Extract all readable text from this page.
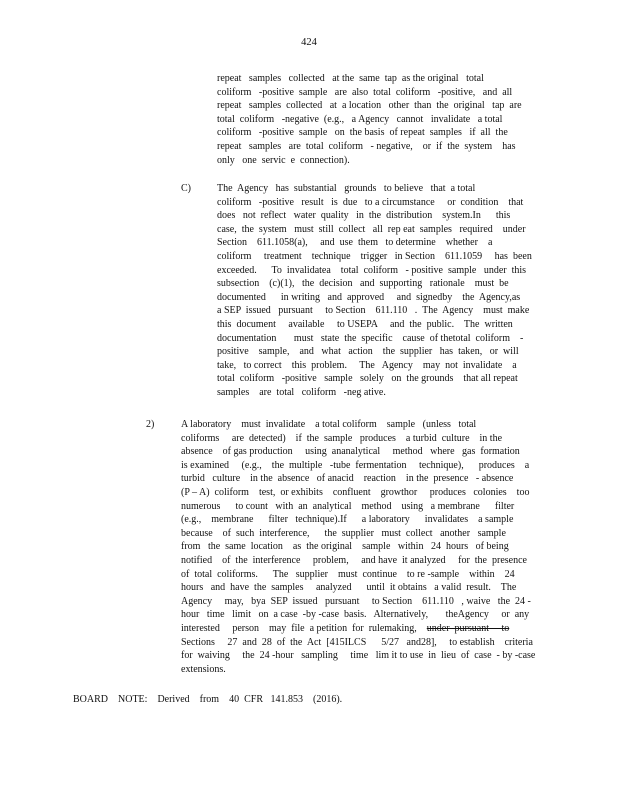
424
repeat   samples   collected   at the  same  tap  as the original   total
coliform   -positive  sample   are  also  total  coliform   -positive,   and  all
repeat   samples  collected   at  a location   other  than  the  original   tap  are
total  coliform   -negative  (e.g.,   a Agency   cannot   invalidate   a total
coliform   -positive  sample   on  the basis  of repeat  samples   if  all  the
repeat   samples   are  total  coliform   - negative,    or  if  the  system    has
only   one  servic  e  connection).
C)	The  Agency   has  substantial   grounds   to believe   that  a total
coliform   -positive   result   is  due   to a circumstance     or  condition    that
does   not  reflect   water  quality   in  the  distribution    system.In      this
case,  the  system   must  still  collect   all  rep eat  samples   required    under
Section    611.1058(a),     and  use  them   to determine    whether    a
coliform     treatment    technique    trigger   in Section    611.1059     has  been
exceeded.      To  invalidatea    total  coliform   - positive  sample   under  this
subsection    (c)(1),   the  decision   and  supporting   rationale    must  be
documented      in writing   and  approved     and  signedby    the  Agency,as
a SEP  issued   pursuant     to Section    611.110   .  The  Agency    must  make
this  document     available     to USEPA     and  the  public.    The  written
documentation       must   state  the  specific    cause  of thetotal  coliform    -
positive    sample,    and   what   action    the  supplier   has  taken,   or  will
take,   to correct    this  problem.     The   Agency    may  not  invalidate    a
total  coliform   -positive   sample   solely   on  the grounds    that all repeat
samples    are  total   coliform   -neg ative.
2)	A laboratory    must  invalidate    a total coliform    sample   (unless   total
coliforms     are  detected)    if  the  sample   produces    a turbid  culture    in the
absence    of gas production     using  ananalytical     method   where   gas  formation
is examined     (e.g.,    the  multiple   -tube  fermentation     technique),      produces    a
turbid   culture    in the  absence   of anacid    reaction    in the  presence   - absence
(P – A)  coliform    test,  or exhibits    confluent    growthor     produces   colonies    too
numerous      to count   with  an  analytical    method    using   a membrane      filter
(e.g.,    membrane      filter   technique).If      a laboratory      invalidates    a sample
because    of  such  interference,      the  supplier   must  collect   another   sample
from   the  same  location    as  the original    sample   within   24  hours   of being
notified    of  the  interference     problem,     and have  it analyzed     for  the  presence
of  total  coliforms.      The   supplier    must  continue    to re -sample    within    24
hours   and  have  the  samples     analyzed      until  it obtains   a valid  result.    The
Agency     may,   bya  SEP  issued   pursuant     to Section    611.110   , waive   the  24 -
hour   time   limit   on  a case  -by -case  basis.   Alternatively,       theAgency     or  any
interested     person    may  file  a petition  for  rulemaking,    under  pursuant     to
Sections     27  and  28  of  the  Act  [415ILCS      5/27   and28],     to establish    criteria
for  waiving     the  24 -hour   sampling     time   lim it to use  in  lieu  of  case  - by -case
extensions.
BOARD    NOTE:    Derived    from    40  CFR   141.853    (2016).
